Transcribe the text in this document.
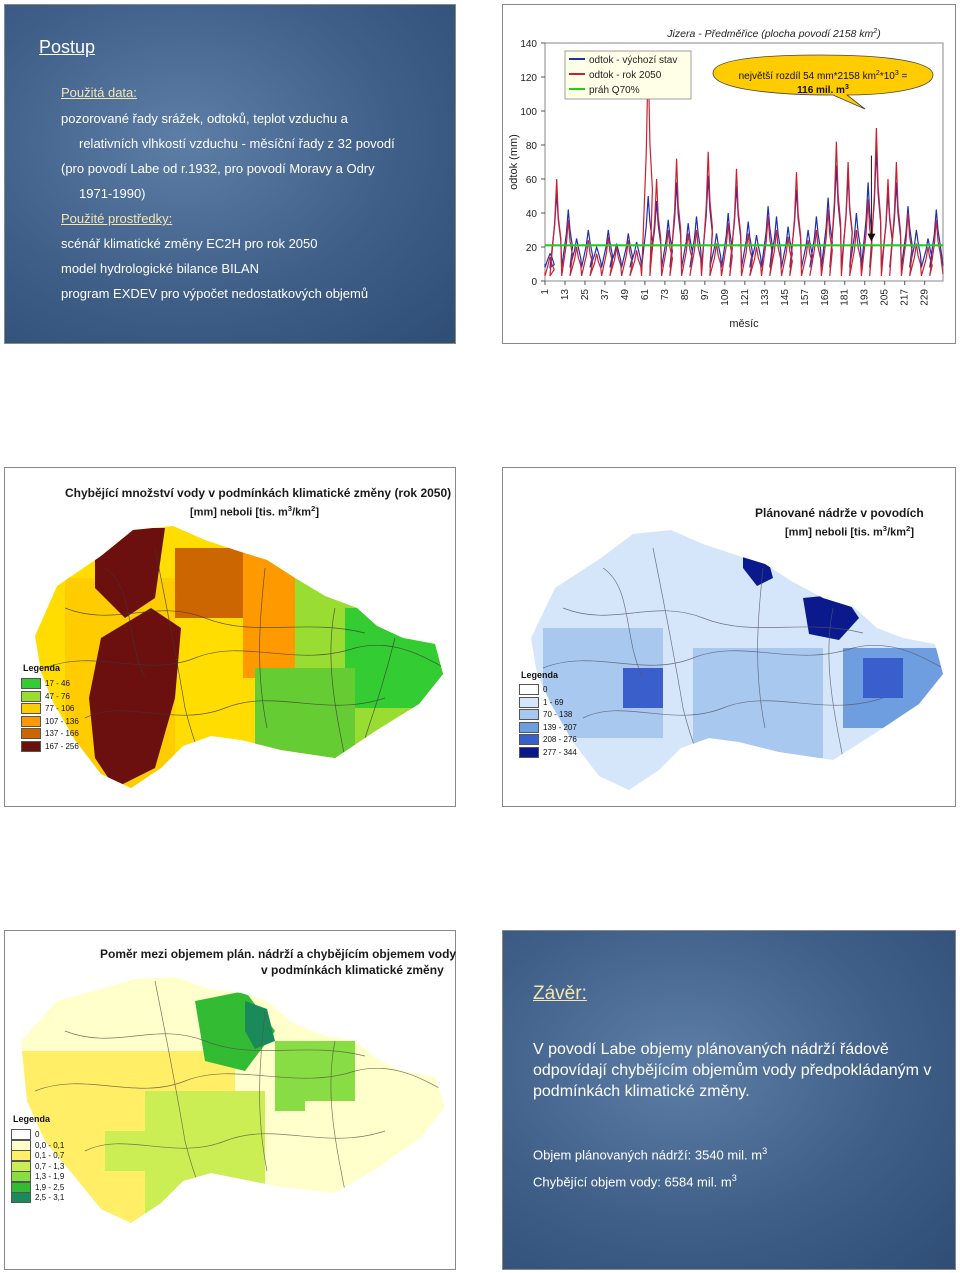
Postup
Použitá data:
pozorované řady srážek, odtoků, teplot vzduchu a
relativních vlhkostí vzduchu - měsíční řady z 32 povodí
(pro povodí Labe od r.1932, pro povodí Moravy a Odry
1971-1990)
Použité prostředky:
scénář klimatické změny EC2H pro rok 2050
model hydrologické bilance BILAN
program EXDEV pro výpočet nedostatkových objemů
0
20
40
60
80
100
120
140
1 13 25 37 49 61 73 85 97 109 121 133 145 157 169 181 193 205 217 229
odtok (mm)
měsíc
Jizera - Předměřice (plocha povodí 2158 $km^2$)
odtok - výchozí stav
odtok - rok 2050
práh Q70%
největší rozdíl 54 mm*2158 $km^2*10^3$ =
116 mil. $m^3$
Chybějící množství vody v podmínkách klimatické změny (rok 2050)
[mm] neboli [tis. $m^3/km^2$]
Legenda
17 - 46
47 - 76
77 - 106
107 - 136
137 - 166
167 - 256
Plánované nádrže v povodích
[mm] neboli [tis. $m^3/km^2$]
Legenda
0
1 - 69
70 - 138
139 - 207
208 - 276
277 - 344
Poměr mezi objemem plán. nádrží a chybějícím objemem vody
v podmínkách klimatické změny
Legenda
0
0,0 - 0,1
0,1 - 0,7
0,7 - 1,3
1,3 - 1,9
1,9 - 2,5
2,5 - 3,1
Závěr:
V povodí Labe objemy plánovaných nádrží řádově odpovídají chybějícím objemům vody předpokládaným v podmínkách klimatické změny.
Objem plánovaných nádrží: 3540 mil. $m^3$
Chybějící objem vody: 6584 mil. $m^3$
